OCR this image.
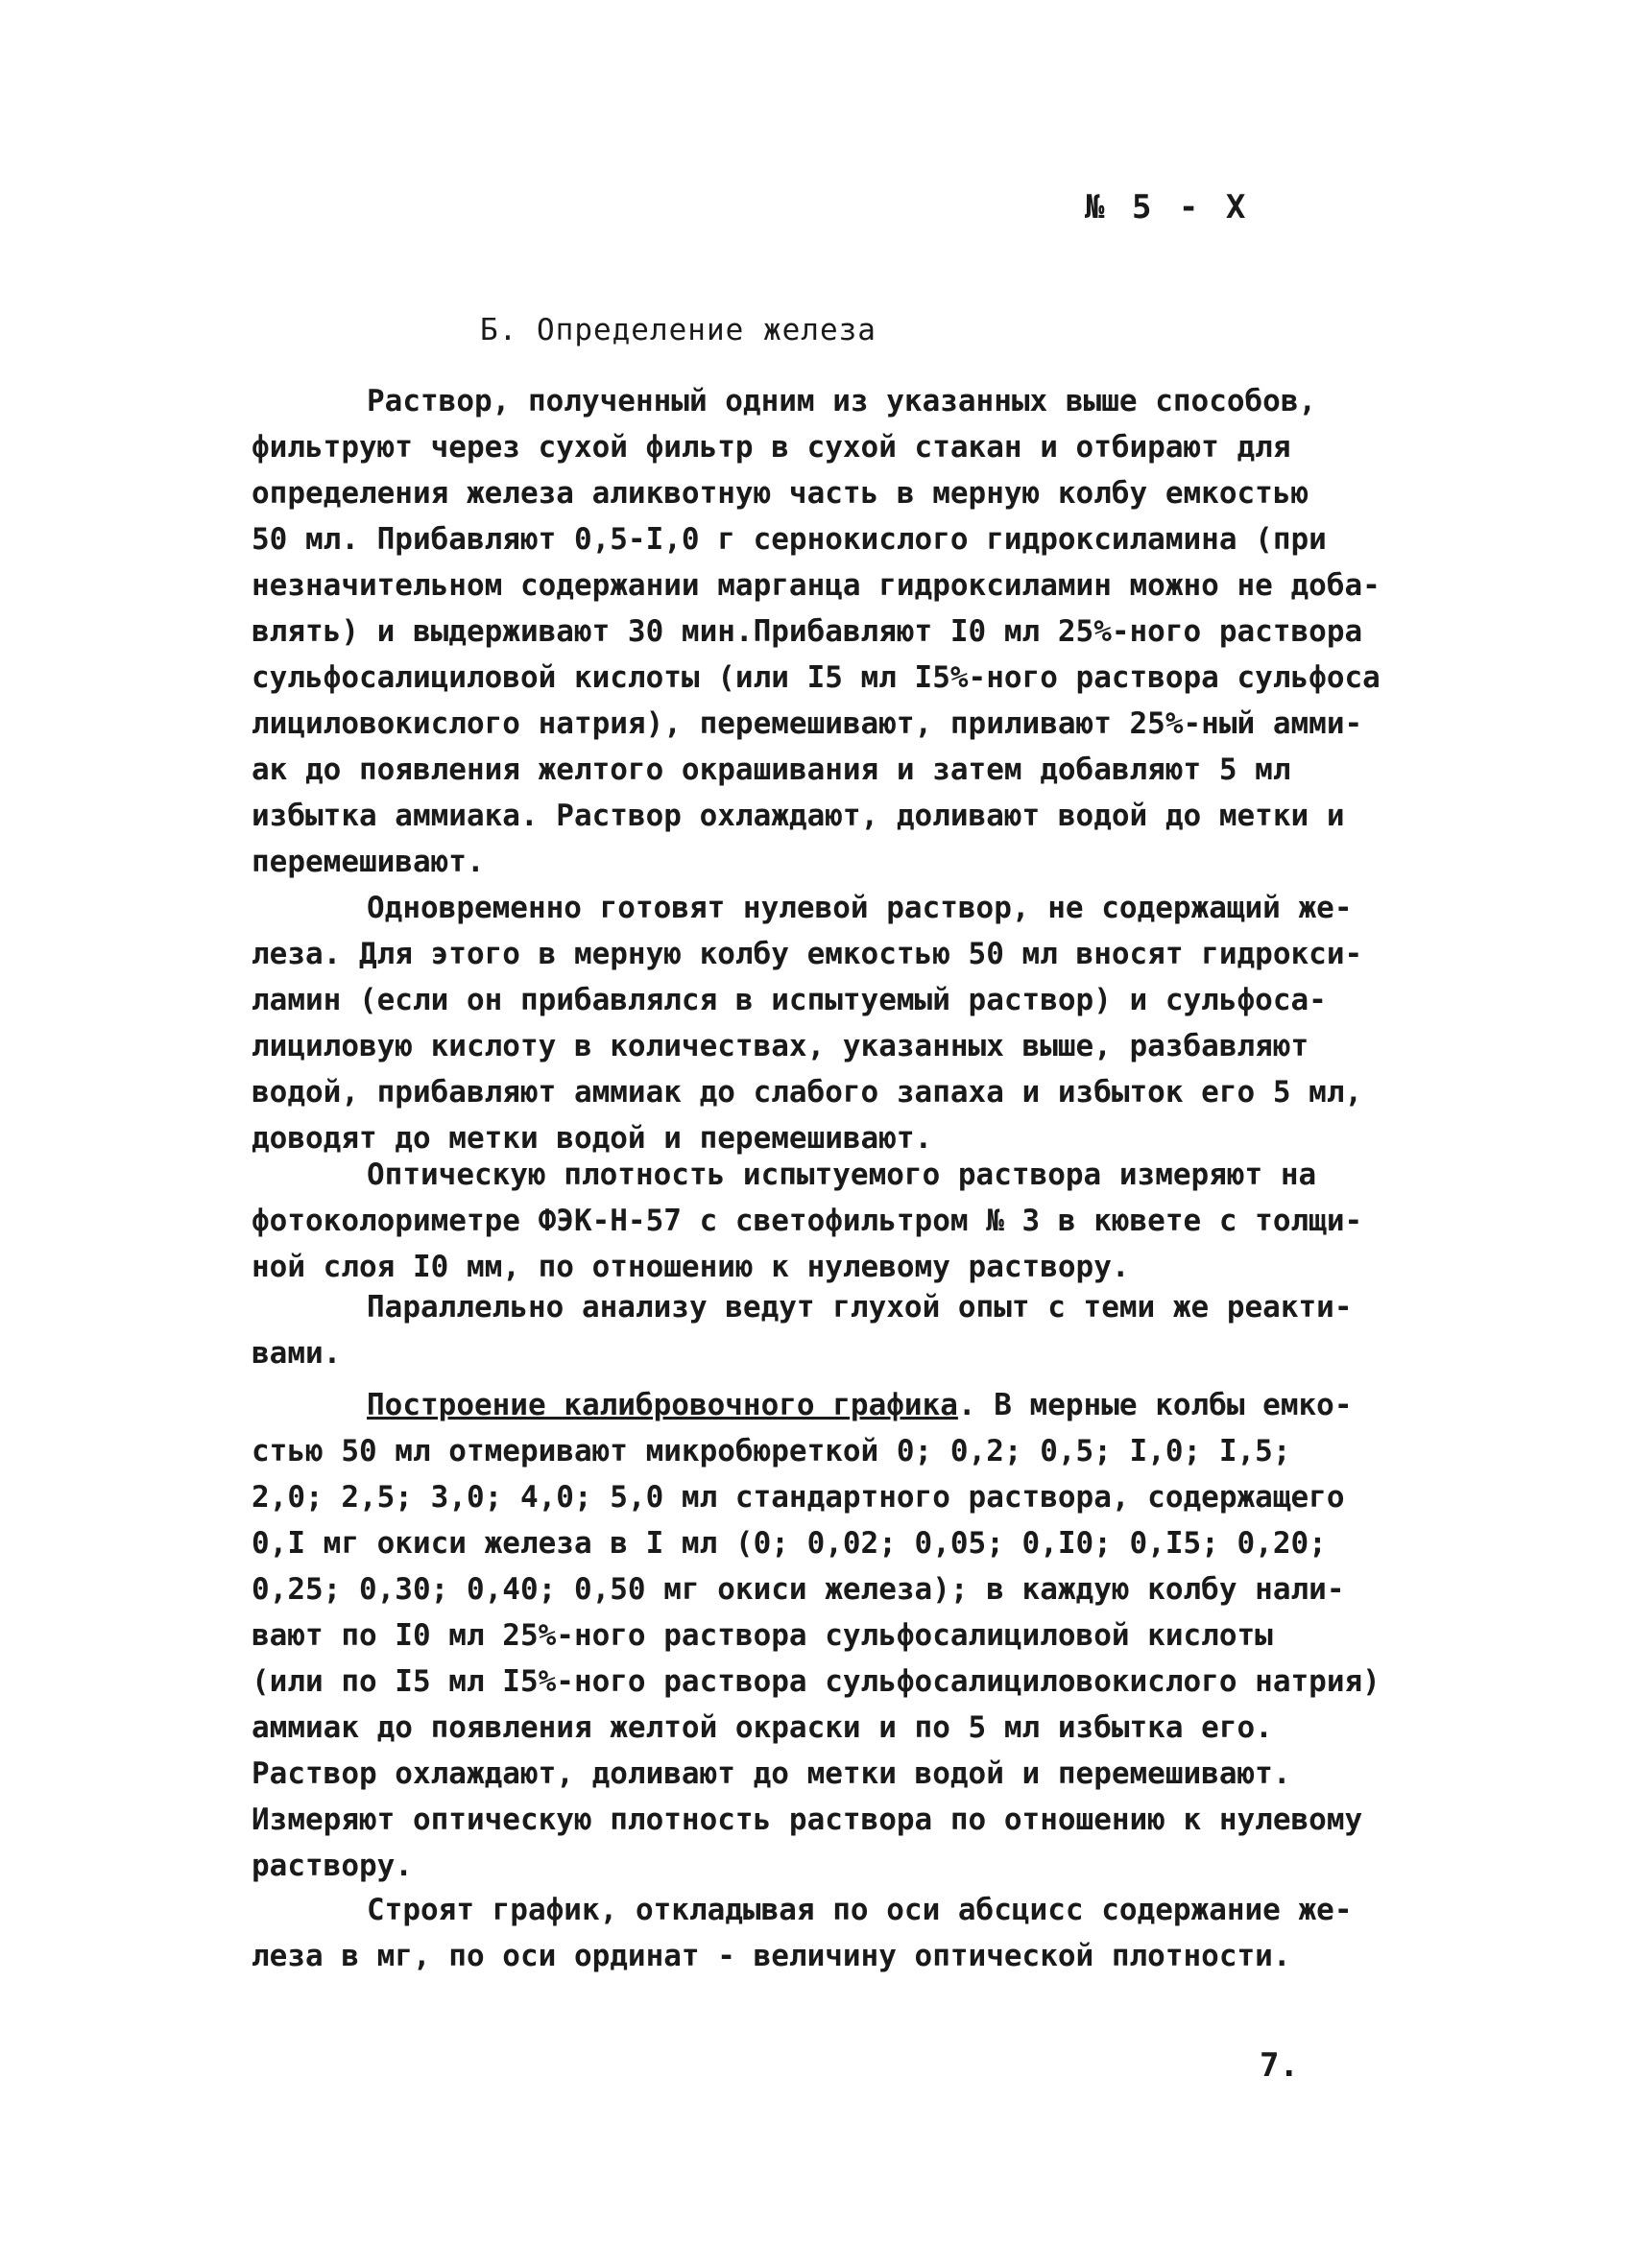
№ 5 - X
Б. Определение железа
Раствор, полученный одним из указанных выше способов,
фильтруют через сухой фильтр в сухой стакан и отбирают для
определения железа аликвотную часть в мерную колбу емкостью
50 мл. Прибавляют 0,5-I,0 г сернокислого гидроксиламина (при
незначительном содержании марганца гидроксиламин можно не доба-
влять) и выдерживают 30 мин.Прибавляют I0 мл 25%-ного раствора
сульфосалициловой кислоты (или I5 мл I5%-ного раствора сульфоса
лициловокислого натрия), перемешивают, приливают 25%-ный амми-
ак до появления желтого окрашивания и затем добавляют 5 мл
избытка аммиака. Раствор охлаждают, доливают водой до метки и
перемешивают.
Одновременно готовят нулевой раствор, не содержащий же-
леза. Для этого в мерную колбу емкостью 50 мл вносят гидрокси-
ламин (если он прибавлялся в испытуемый раствор) и сульфоса-
лициловую кислоту в количествах, указанных выше, разбавляют
водой, прибавляют аммиак до слабого запаха и избыток его 5 мл,
доводят до метки водой и перемешивают.
Оптическую плотность испытуемого раствора измеряют на
фотоколориметре ФЭК-Н-57 с светофильтром № 3 в кювете с толщи-
ной слоя I0 мм, по отношению к нулевому раствору.
Параллельно анализу ведут глухой опыт с теми же реакти-
вами.
Построение калибровочного графика. В мерные колбы емко-
стью 50 мл отмеривают микробюреткой 0; 0,2; 0,5; I,0; I,5;
2,0; 2,5; 3,0; 4,0; 5,0 мл стандартного раствора, содержащего
0,I мг окиси железа в I мл (0; 0,02; 0,05; 0,I0; 0,I5; 0,20;
0,25; 0,30; 0,40; 0,50 мг окиси железа); в каждую колбу нали-
вают по I0 мл 25%-ного раствора сульфосалициловой кислоты
(или по I5 мл I5%-ного раствора сульфосалициловокислого натрия)
аммиак до появления желтой окраски и по 5 мл избытка его.
Раствор охлаждают, доливают до метки водой и перемешивают.
Измеряют оптическую плотность раствора по отношению к нулевому
раствору.
Строят график, откладывая по оси абсцисс содержание же-
леза в мг, по оси ординат - величину оптической плотности.
7.
